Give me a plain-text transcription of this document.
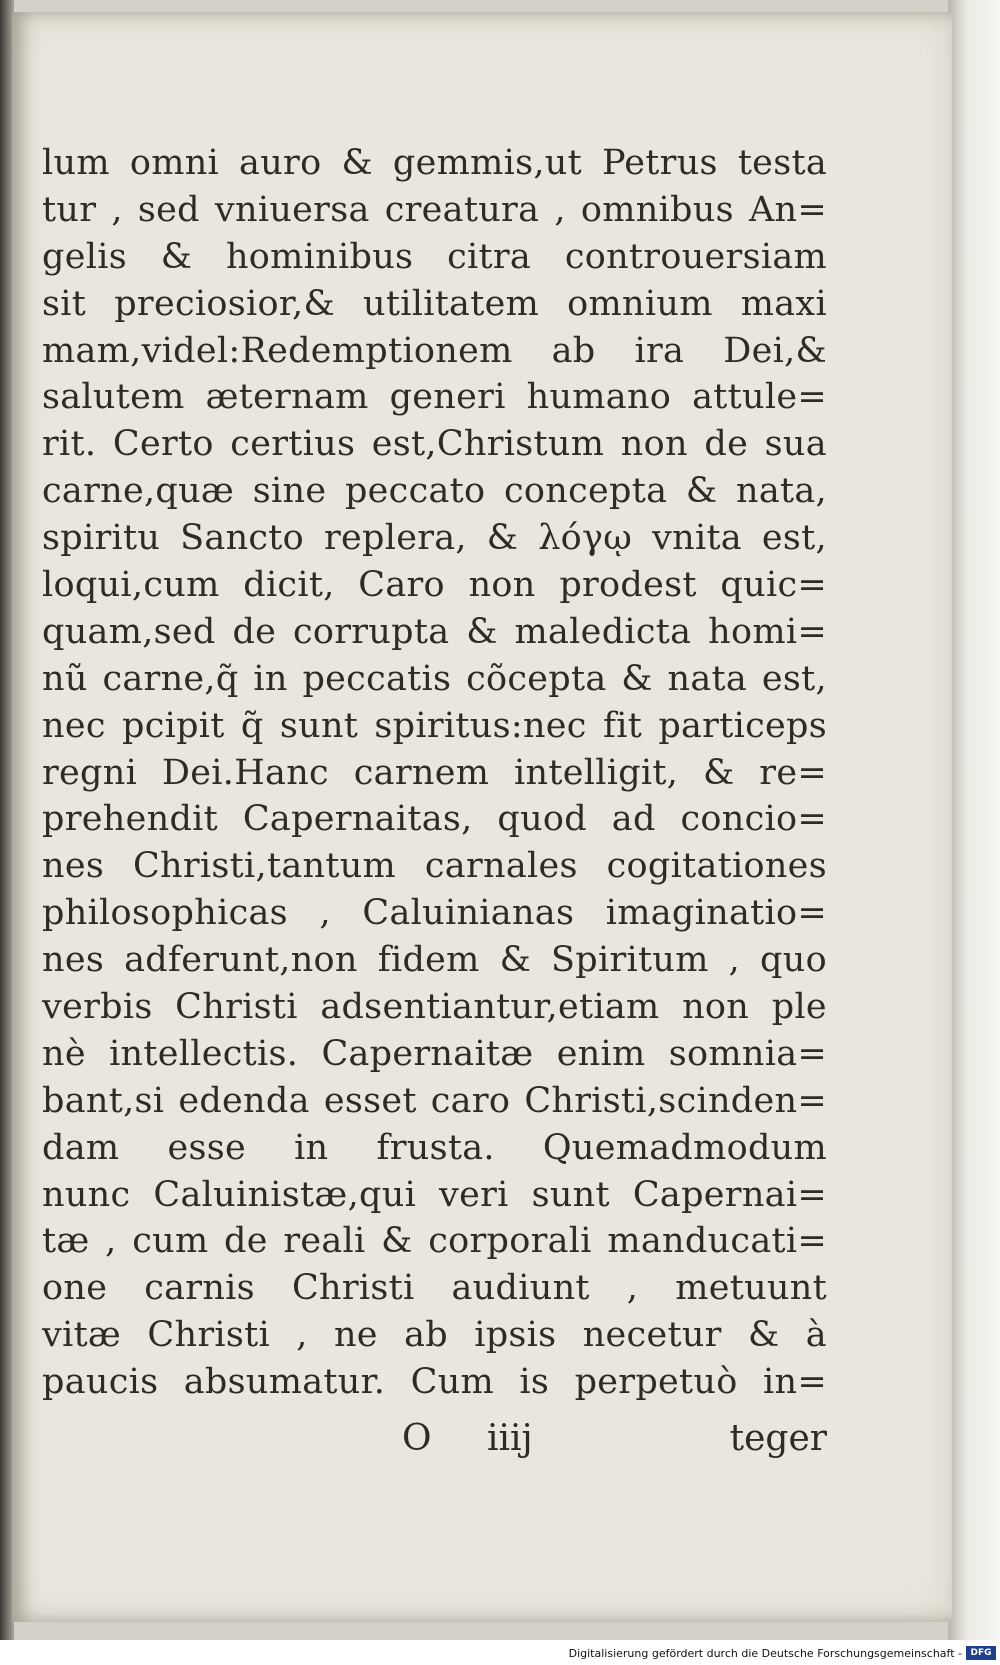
lum omni auro & gemmis,ut Petrus testa
tur , sed vniuersa creatura , omnibus An=
gelis & hominibus citra controuersiam
sit preciosior,& utilitatem omnium maxi
mam,videl:Redemptionem ab ira Dei,&
salutem æternam generi humano attule=
rit. Certo certius est,Christum non de sua
carne,quæ sine peccato concepta & nata,
spiritu Sancto replera, & λόγῳ vnita est,
loqui,cum dicit, Caro non prodest quic=
quam,sed de corrupta & maledicta homi=
nũ carne,q̃ in peccatis cõcepta & nata est,
nec pcipit q̃ sunt spiritus:nec fit particeps
regni Dei.Hanc carnem intelligit, & re=
prehendit Capernaitas, quod ad concio=
nes Christi,tantum carnales cogitationes
philosophicas , Caluinianas imaginatio=
nes adferunt,non fidem & Spiritum , quo
verbis Christi adsentiantur,etiam non ple
nè intellectis. Capernaitæ enim somnia=
bant,si edenda esset caro Christi,scinden=
dam esse in frusta. Quemadmodum
nunc Caluinistæ,qui veri sunt Capernai=
tæ , cum de reali & corporali manducati=
one carnis Christi audiunt , metuunt
vitæ Christi , ne ab ipsis necetur & à
paucis absumatur. Cum is perpetuò in=
O iiij	teger
Digitalisierung gefördert durch die Deutsche Forschungsgemeinschaft - DFG
